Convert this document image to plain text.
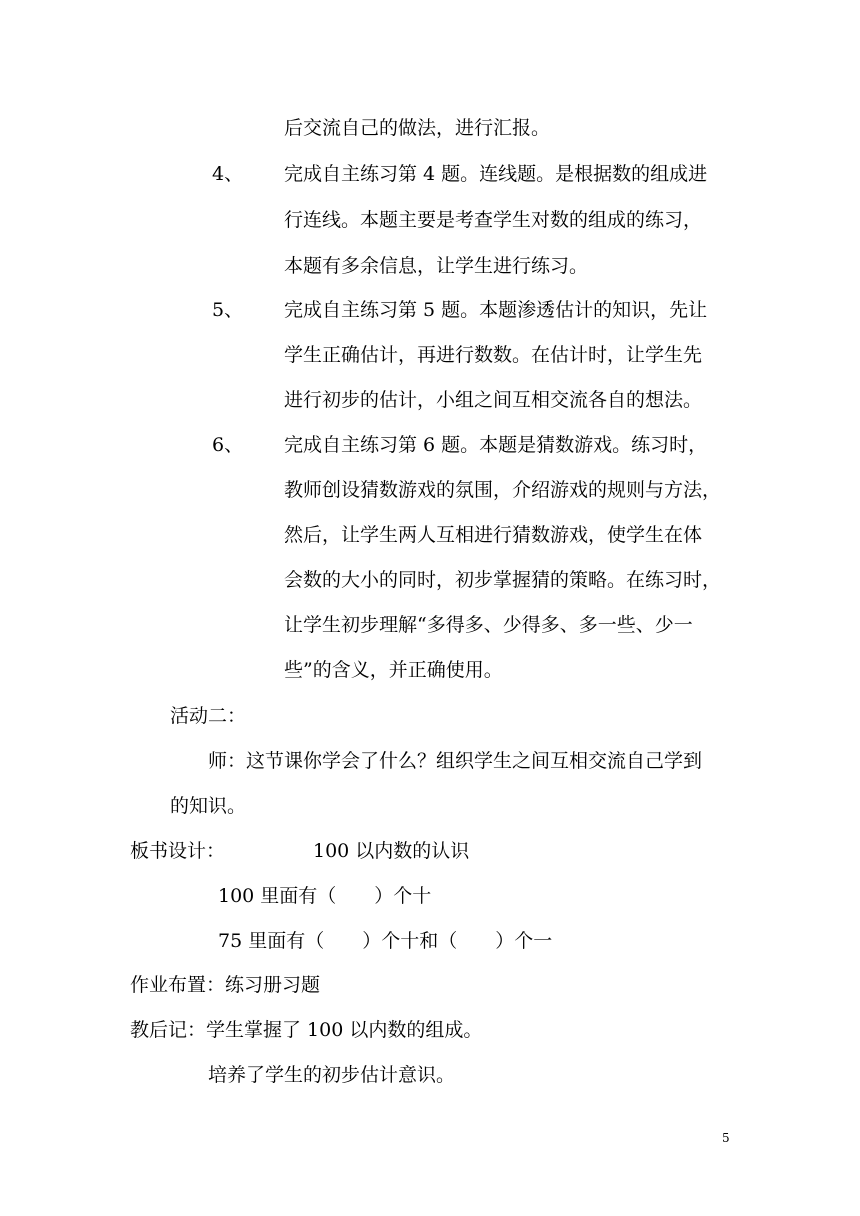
后交流自己的做法，进行汇报。
4、 完成自主练习第 4 题。连线题。是根据数的组成进
行连线。本题主要是考查学生对数的组成的练习，
本题有多余信息，让学生进行练习。
5、 完成自主练习第 5 题。本题渗透估计的知识，先让
学生正确估计，再进行数数。在估计时，让学生先
进行初步的估计，小组之间互相交流各自的想法。
6、 完成自主练习第 6 题。本题是猜数游戏。练习时，
教师创设猜数游戏的氛围，介绍游戏的规则与方法，
然后，让学生两人互相进行猜数游戏，使学生在体
会数的大小的同时，初步掌握猜的策略。在练习时，
让学生初步理解“多得多、少得多、多一些、少一
些”的含义，并正确使用。
活动二：
师：这节课你学会了什么？组织学生之间互相交流自己学到
的知识。
板书设计：	100 以内数的认识
100 里面有（　　）个十
75 里面有（　　）个十和（　　）个一
作业布置：练习册习题
教后记：学生掌握了 100 以内数的组成。
培养了学生的初步估计意识。
5
